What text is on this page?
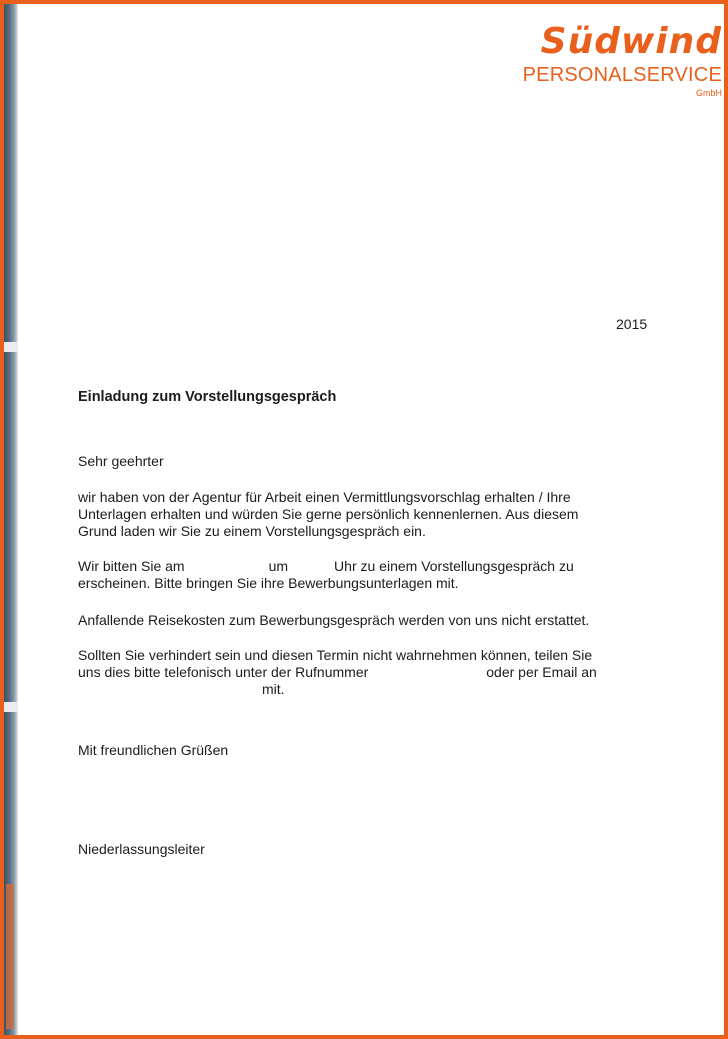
Südwind
PERSONALSERVICE
GmbH
2015
Einladung zum Vorstellungsgespräch
Sehr geehrter
wir haben von der Agentur für Arbeit einen Vermittlungsvorschlag erhalten / Ihre
Unterlagen erhalten und würden Sie gerne persönlich kennenlernen. Aus diesem
Grund laden wir Sie zu einem Vorstellungsgespräch ein.
Wir bitten Sie am	um	Uhr zu einem Vorstellungsgespräch zu
erscheinen. Bitte bringen Sie ihre Bewerbungsunterlagen mit.
Anfallende Reisekosten zum Bewerbungsgespräch werden von uns nicht erstattet.
Sollten Sie verhindert sein und diesen Termin nicht wahrnehmen können, teilen Sie
uns dies bitte telefonisch unter der Rufnummer	oder per Email an
mit.
Mit freundlichen Grüßen
Niederlassungsleiter
